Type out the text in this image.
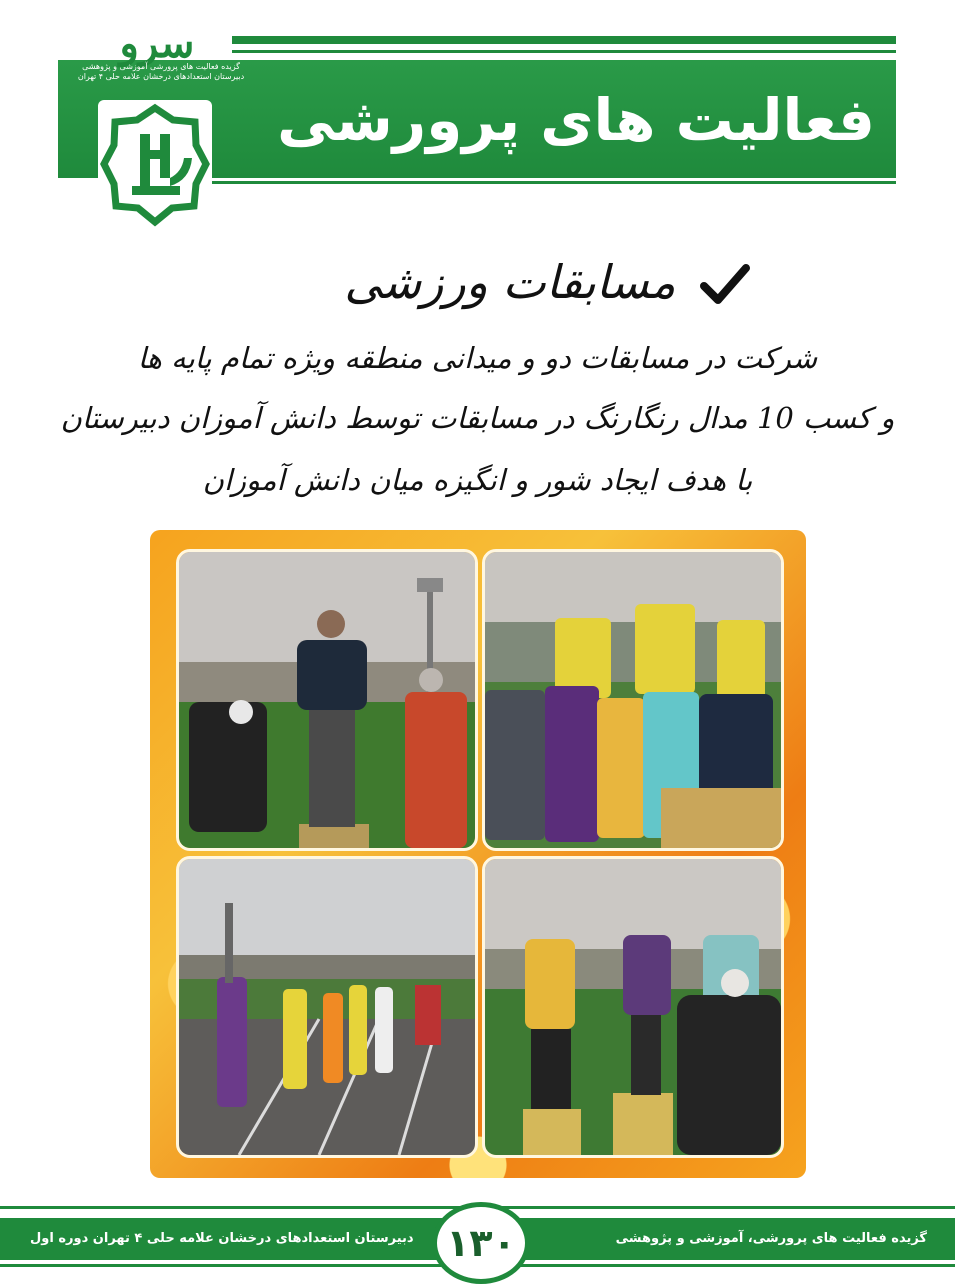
سرو
گزیده فعالیت های پرورشی آموزشی و پژوهشی دبیرستان استعدادهای درخشان علامه حلی ۴ تهران
فعالیت های پرورشی
مسابقات ورزشی
شرکت در مسابقات دو و میدانی منطقه ویژه تمام پایه ها
و کسب 10 مدال رنگارنگ در مسابقات توسط دانش آموزان دبیرستان
با هدف ایجاد شور و انگیزه میان دانش آموزان
دبیرستان استعدادهای درخشان علامه حلی ۴ تهران دوره اول	گزیده فعالیت های پرورشی، آموزشی و پژوهشی
۱۳۰
